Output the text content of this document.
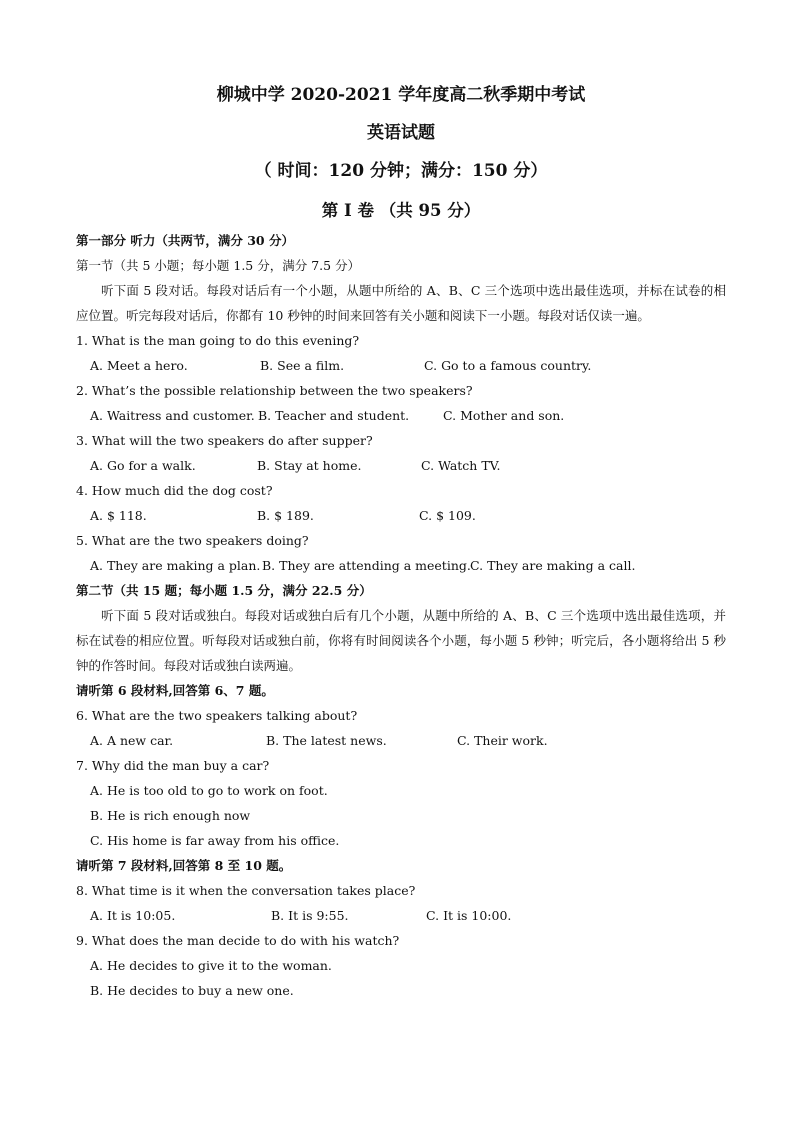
柳城中学 2020-2021 学年度高二秋季期中考试
英语试题
（ 时间：120 分钟；满分：150 分）
第 I 卷 （共 95 分）
第一部分 听力（共两节，满分 30 分）
第一节（共 5 小题；每小题 1.5 分，满分 7.5 分）
听下面 5 段对话。每段对话后有一个小题，从题中所给的 A、B、C 三个选项中选出最佳选项，并标在试卷的相应位置。听完每段对话后，你都有 10 秒钟的时间来回答有关小题和阅读下一小题。每段对话仅读一遍。
1. What is the man going to do this evening?
A. Meet a hero.	B. See a film.	C. Go to a famous country.
2. What’s the possible relationship between the two speakers?
A. Waitress and customer. B. Teacher and student.	C. Mother and son.
3. What will the two speakers do after supper?
A. Go for a walk.	B. Stay at home.	C. Watch TV.
4. How much did the dog cost?
A. $ 118.	B. $ 189.	C. $ 109.
5. What are the two speakers doing?
A. They are making a plan. B. They are attending a meeting. C. They are making a call.
第二节（共 15 题；每小题 1.5 分，满分 22.5 分）
听下面 5 段对话或独白。每段对话或独白后有几个小题，从题中所给的 A、B、C 三个选项中选出最佳选项，并标在试卷的相应位置。听每段对话或独白前，你将有时间阅读各个小题，每小题 5 秒钟；听完后，各小题将给出 5 秒钟的作答时间。每段对话或独白读两遍。
请听第 6 段材料,回答第 6、7 题。
6. What are the two speakers talking about?
A. A new car.	B. The latest news.	C. Their work.
7. Why did the man buy a car?
A. He is too old to go to work on foot.
B. He is rich enough now
C. His home is far away from his office.
请听第 7 段材料,回答第 8 至 10 题。
8. What time is it when the conversation takes place?
A. It is 10:05.	B. It is 9:55.	C. It is 10:00.
9. What does the man decide to do with his watch?
A. He decides to give it to the woman.
B. He decides to buy a new one.
